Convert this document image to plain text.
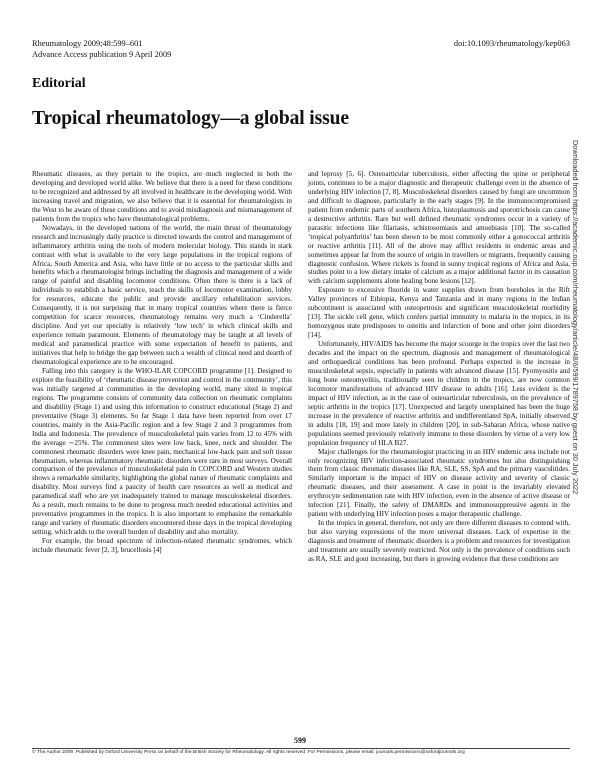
Rheumatology 2009;48:599–601
Advance Access publication 9 April 2009
doi:10.1093/rheumatology/kep063
Editorial
Tropical rheumatology—a global issue

Rheumatic diseases, as they pertain to the tropics, are much neglected in both the developing and developed world alike. We believe that there is a need for these conditions to be recognized and addressed by all involved in healthcare in the developing world. With increasing travel and migration, we also believe that it is essential for rheumatologists in the West to be aware of these conditions and to avoid misdiagnosis and mismanagement of patients from the tropics who have rheumatological problems.

Nowadays, in the developed nations of the world, the main thrust of rheumatology research and increasingly daily practice is directed towards the control and management of inflammatory arthritis using the tools of modern molecular biology. This stands in stark contrast with what is available to the very large populations in the tropical regions of Africa, South America and Asia, who have little or no access to the particular skills and benefits which a rheumatologist brings including the diagnosis and management of a wide range of painful and disabling locomotor conditions. Often there is there is a lack of individuals to establish a basic service, teach the skills of locomotor examination, lobby for resources, educate the public and provide ancillary rehabilitation services. Consequently, it is not surprising that in many tropical countries where there is fierce competition for scarce resources, rheumatology remains very much a ‘Cinderella’ discipline. And yet our specialty is relatively ‘low tech’ in which clinical skills and experience remain paramount. Elements of rheumatology may be taught at all levels of medical and paramedical practice with some expectation of benefit to patients, and initiatives that help to bridge the gap between such a wealth of clinical need and dearth of rheumatological experience are to be encouraged.

Falling into this category is the WHO-ILAR COPCORD programme [1]. Designed to explore the feasibility of ‘rheumatic disease prevention and control in the community’, this was initially targeted at communities in the developing world, many sited in tropical regions. The programme consists of community data collection on rheumatic complaints and disability (Stage 1) and using this information to construct educational (Stage 2) and preventative (Stage 3) elements. So far Stage 1 data have been reported from over 17 countries, mainly in the Asia-Pacific region and a few Stage 2 and 3 programmes from India and Indonesia. The prevalence of musculoskeletal pain varies from 12 to 45% with the average ∼25%. The commonest sites were low back, knee, neck and shoulder. The commonest rheumatic disorders were knee pain, mechanical low-back pain and soft tissue rheumatism, whereas inflammatory rheumatic disorders were rare in most surveys. Overall comparison of the prevalence of musculoskeletal pain in COPCORD and Western studies shows a remarkable similarity, highlighting the global nature of rheumatic complaints and disability. Most surveys find a paucity of health care resources as well as medical and paramedical staff who are yet inadequately trained to manage musculoskeletal disorders. As a result, much remains to be done to progress much needed educational activities and preventative programmes in the tropics. It is also important to emphasize the remarkable range and variety of rheumatic disorders encountered these days in the tropical developing setting, which adds to the overall burden of disability and also mortality.

For example, the broad spectrum of infection-related rheumatic syndromes, which include rheumatic fever [2, 3], brucellosis [4]

and leprosy [5, 6]. Osteoarticular tuberculosis, either affecting the spine or peripheral joints, continues to be a major diagnostic and therapeutic challenge even in the absence of underlying HIV infection [7, 8]. Musculoskeletal disorders caused by fungi are uncommon and difficult to diagnose, particularly in the early stages [9]. In the immunocompromised patient from endemic parts of southern Africa, histoplasmosis and sporotrichosis can cause a destructive arthritis. Rare but well defined rheumatic syndromes occur in a variety of parasitic infections like filariasis, schistosomiasis and amoebiasis [10]. The so-called ‘tropical polyarthritis’ has been shown to be most commonly either a gonococcal arthritis or reactive arthritis [11]. All of the above may afflict residents in endemic areas and sometimes appear far from the source of origin in travellers or migrants, frequently causing diagnostic confusion. Where rickets is found in sunny tropical regions of Africa and Asia, studies point to a low dietary intake of calcium as a major additional factor in its causation with calcium supplements alone healing bone lesions [12].

Exposure to excessive fluoride in water supplies drawn from boreholes in the Rift Valley provinces of Ethiopia, Kenya and Tanzania and in many regions in the Indian subcontinent is associated with osteopetrosis and significant musculoskeletal morbidity [13]. The sickle cell gene, which confers partial immunity to malaria in the tropics, in its homozygous state predisposes to osteitis and infarction of bone and other joint disorders [14].

Unfortunately, HIV/AIDS has become the major scourge in the tropics over the last two decades and the impact on the spectrum, diagnosis and management of rheumatological and orthopaedical conditions has been profound. Perhaps expected is the increase in musculoskeletal sepsis, especially in patients with advanced disease [15]. Pyomyositis and long bone osteomyelitis, traditionally seen in children in the tropics, are now common locomotor manifestations of advanced HIV disease in adults [16]. Less evident is the impact of HIV infection, as in the case of osteoarticular tuberculosis, on the prevalence of septic arthritis in the tropics [17]. Unexpected and largely unexplained has been the huge increase in the prevalence of reactive arthritis and undifferentiated SpA, initially observed in adults [18, 19] and more lately in children [20], in sub-Saharan Africa, whose native populations seemed previously relatively immune to these disorders by virtue of a very low population frequency of HLA B27.

Major challenges for the rheumatologist practicing in an HIV endemic area include not only recognizing HIV infection-associated rheumatic syndromes but also distinguishing them from classic rheumatic diseases like RA, SLE, SS, SpA and the primary vasculitides. Similarly important is the impact of HIV on disease activity and severity of classic rheumatic diseases, and their assessment. A case in point is the invariably elevated erythrocyte sedimentation rate with HIV infection, even in the absence of active disease or infection [21]. Finally, the safety of DMARDs and immunosuppressive agents in the patient with underlying HIV infection poses a major therapeutic challenge.

In the tropics in general, therefore, not only are there different diseases to contend with, but also varying expressions of the more universal diseases. Lack of expertise in the diagnosis and treatment of rheumatic disorders is a problem and resources for investigation and treatment are usually severely restricted. Not only is the prevalence of conditions such as RA, SLE and gout increasing, but there is growing evidence that these conditions are

Downloaded from https://academic.oup.com/rheumatology/article/48/6/599/1789758 by guest on 30 July 2022
599
© The Author 2009. Published by Oxford University Press on behalf of the British Society for Rheumatology. All rights reserved. For Permissions, please email: journals.permissions@oxfordjournals.org
